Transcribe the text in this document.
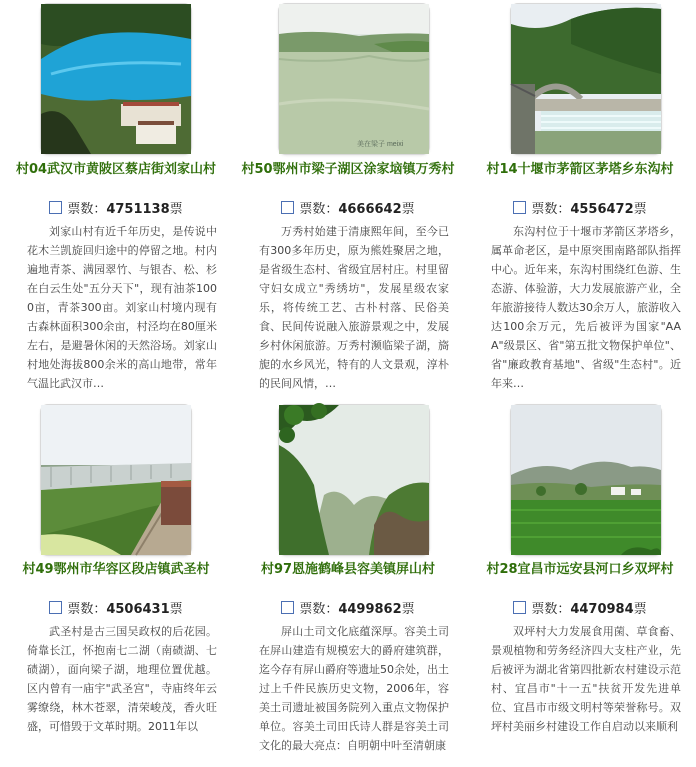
村04武汉市黄陂区蔡店街刘家山村
票数：4751138票
刘家山村有近千年历史，是传说中花木兰凯旋回归途中的停留之地。村内遍地青茶、满园翠竹、与银杏、松、杉在白云生处"五分天下"，现有油茶1000亩，青茶300亩。刘家山村境内现有古森林面积300余亩，村泾均在80厘米左右，是避暑休闲的天然浴场。刘家山村地处海拔800余米的高山地带，常年气温比武汉市…
美在梁子 meixi
村50鄂州市梁子湖区涂家垴镇万秀村
票数：4666642票
万秀村始建于清康熙年间，至今已有300多年历史，原为熊姓聚居之地，是省级生态村、省级宜居村庄。村里留守妇女成立"秀绣坊"，发展星级农家乐，将传统工艺、古朴村落、民俗美食、民间传说融入旅游景观之中，发展乡村休闲旅游。万秀村濒临梁子湖，旖旎的水乡风光，特有的人文景观，淳朴的民间风情，…
村14十堰市茅箭区茅塔乡东沟村
票数：4556472票
东沟村位于十堰市茅箭区茅塔乡，属革命老区，是中原突围南路部队指挥中心。近年来，东沟村围绕红色游、生态游、体验游，大力发展旅游产业，全年旅游接待人数达30余万人，旅游收入达100余万元，先后被评为国家"AAA"级景区、省"第五批文物保护单位"、省"廉政教育基地"、省级"生态村"。近年来…
村49鄂州市华容区段店镇武圣村
票数：4506431票
武圣村是古三国吴政权的后花园。倚靠长江，怀抱南七二湖（南碛湖、七碛湖），面向梁子湖，地理位置优越。区内曾有一庙宇"武圣宫"，寺庙终年云雾缭绕，林木苍翠，清荣峻茂，香火旺盛，可惜毁于文革时期。2011年以
村97恩施鹤峰县容美镇屏山村
票数：4499862票
屏山土司文化底蕴深厚。容美土司在屏山建造有规模宏大的爵府建筑群，迄今存有屏山爵府等遗址50余处，出土过上千件民族历史文物，2006年，容美土司遗址被国务院列入重点文物保护单位。容美土司田氏诗人群是容美土司文化的最大亮点：自明朝中叶至清朝康
村28宜昌市远安县河口乡双坪村
票数：4470984票
双坪村大力发展食用菌、草食畜、景观植物和劳务经济四大支柱产业，先后被评为湖北省第四批新农村建设示范村、宜昌市"十一五"扶贫开发先进单位、宜昌市市级文明村等荣誉称号。双坪村美丽乡村建设工作自启动以来顺利
